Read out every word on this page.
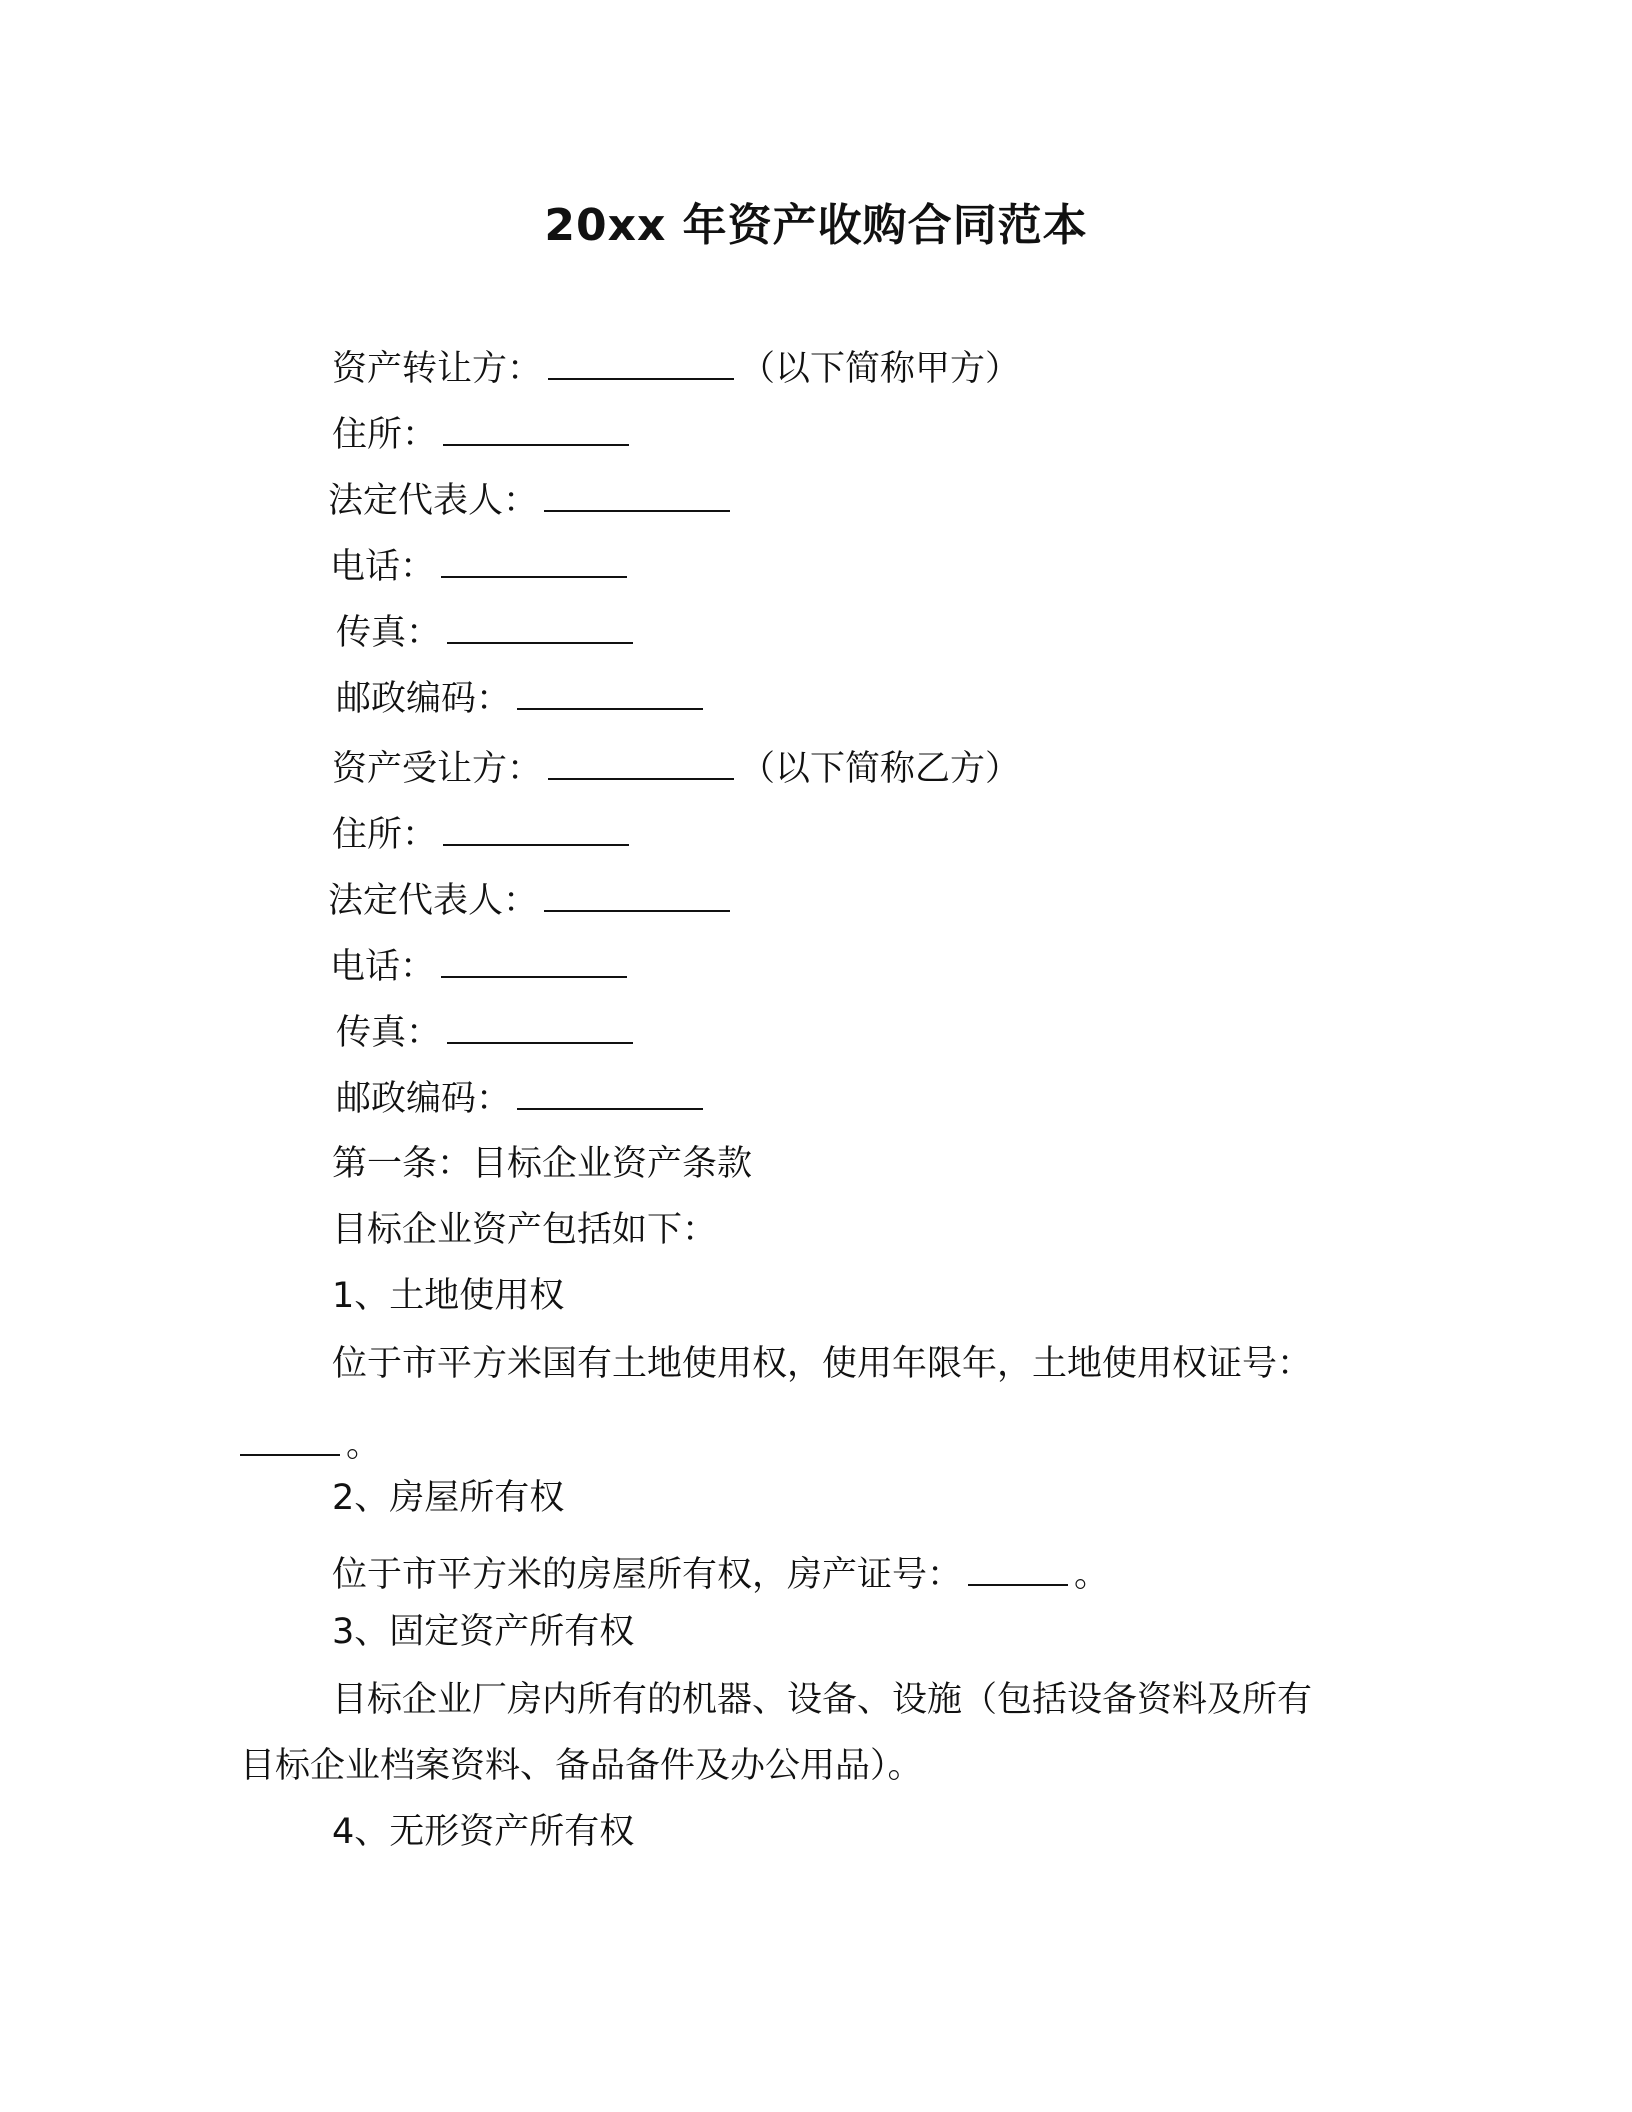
20xx 年资产收购合同范本
资产转让方：	（以下简称甲方）
住所：
法定代表人：
电话：
传真：
邮政编码：
资产受让方：	（以下简称乙方）
住所：
法定代表人：
电话：
传真：
邮政编码：
第一条：目标企业资产条款
目标企业资产包括如下：
1、土地使用权
位于市平方米国有土地使用权，使用年限年，土地使用权证号：
。
2、房屋所有权
位于市平方米的房屋所有权，房产证号：	。
3、固定资产所有权
目标企业厂房内所有的机器、设备、设施（包括设备资料及所有
目标企业档案资料、备品备件及办公用品）。
4、无形资产所有权
